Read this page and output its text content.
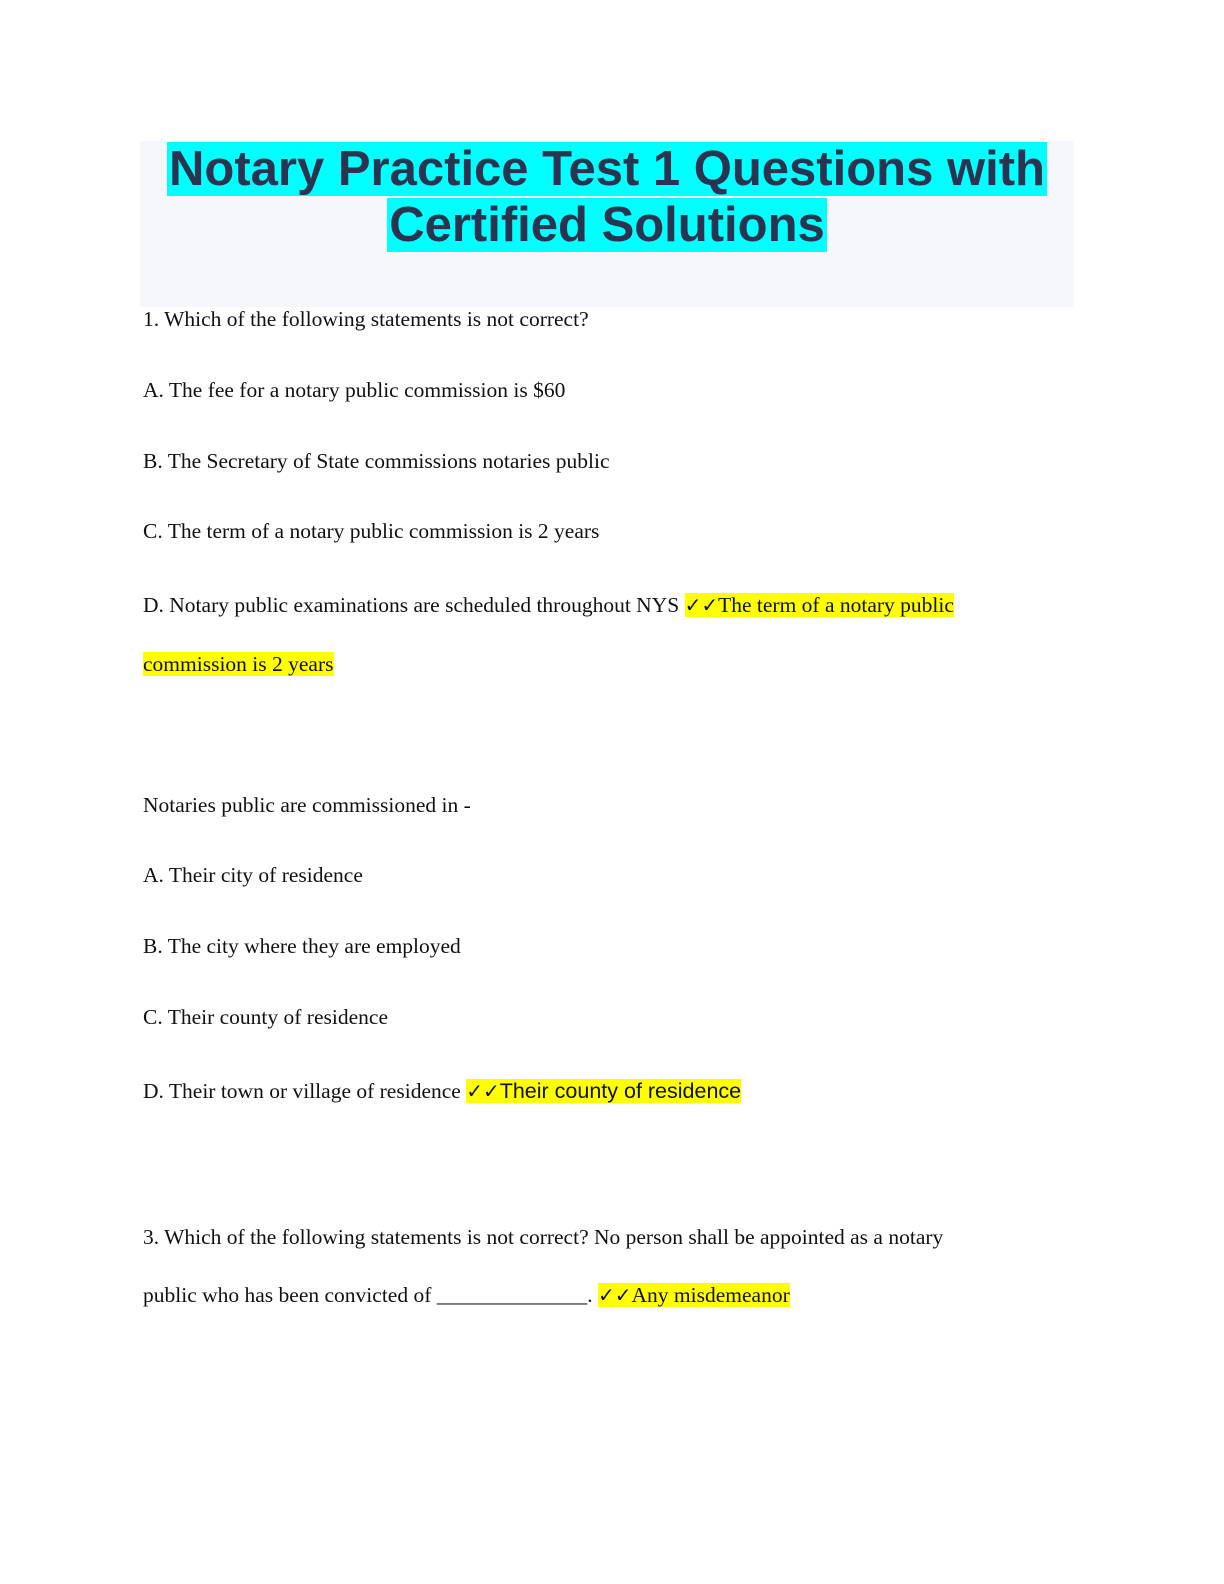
Notary Practice Test 1 Questions with
Certified Solutions

1. Which of the following statements is not correct?

A. The fee for a notary public commission is $60

B. The Secretary of State commissions notaries public

C. The term of a notary public commission is 2 years

D. Notary public examinations are scheduled throughout NYS ✓✓The term of a notary public

commission is 2 years

Notaries public are commissioned in -

A. Their city of residence

B. The city where they are employed

C. Their county of residence

D. Their town or village of residence ✓✓Their county of residence

3. Which of the following statements is not correct? No person shall be appointed as a notary

public who has been convicted of ______________. ✓✓Any misdemeanor
